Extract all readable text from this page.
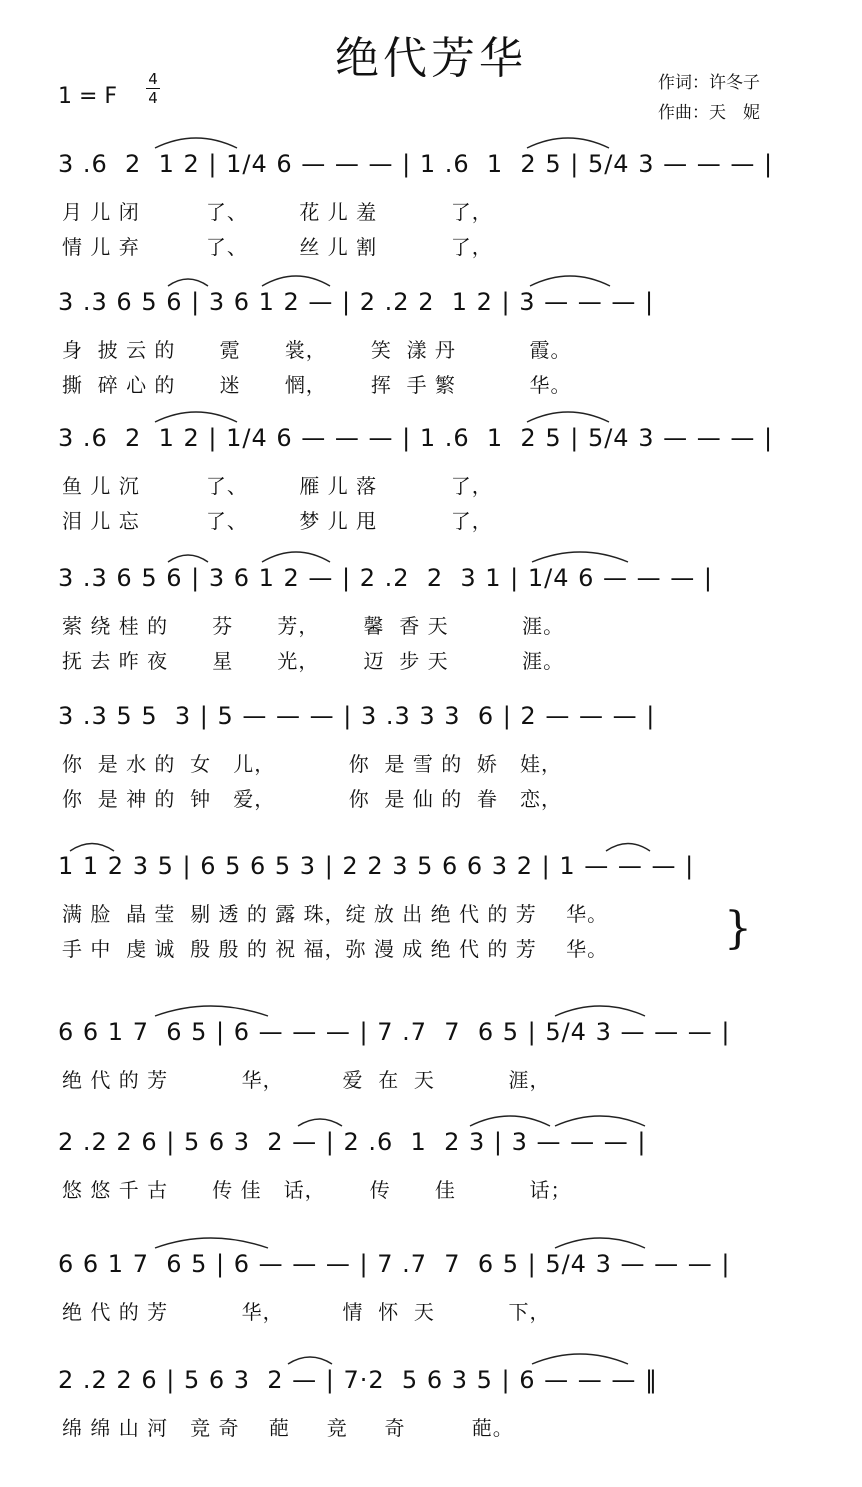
绝代芳华
1 = F
4
4
作词：许冬子
作曲：天　妮
3 .6  2  1 2 | 1/4 6 — — — | 1 .6  1  2 5 | 5/4 3 — — — |
月 儿 闭         了、       花 儿 羞          了，
情 儿 弃         了、       丝 儿 割          了，
3 .3 6 5 6 | 3 6 1 2 — | 2 .2 2  1 2 | 3 — — — |
身  披 云 的      霓      裳，      笑  漾 丹          霞。
撕  碎 心 的      迷      惘，      挥  手 繁          华。
3 .6  2  1 2 | 1/4 6 — — — | 1 .6  1  2 5 | 5/4 3 — — — |
鱼 儿 沉         了、       雁 儿 落          了，
泪 儿 忘         了、       梦 儿 甩          了，
3 .3 6 5 6 | 3 6 1 2 — | 2 .2  2  3 1 | 1/4 6 — — — |
萦 绕 桂 的      芬      芳，      馨  香 天          涯。
抚 去 昨 夜      星      光，      迈  步 天          涯。
3 .3 5 5  3 | 5 — — — | 3 .3 3 3  6 | 2 — — — |
你  是 水 的  女   儿，          你  是 雪 的  娇   娃，
你  是 神 的  钟   爱，          你  是 仙 的  眷   恋，
1 1 2 3 5 | 6 5 6 5 3 | 2 2 3 5 6 6 3 2 | 1 — — — |
满 脸  晶 莹  剔 透 的 露 珠，绽 放 出 绝 代 的 芳    华。
手 中  虔 诚  殷 殷 的 祝 福，弥 漫 成 绝 代 的 芳    华。	}
6 6 1 7  6 5 | 6 — — — | 7 .7  7  6 5 | 5/4 3 — — — |
绝 代 的 芳          华，        爱  在  天          涯，
2 .2 2 6 | 5 6 3  2 — | 2 .6  1  2 3 | 3 — — — |
悠 悠 千 古      传 佳   话，      传      佳          话；
6 6 1 7  6 5 | 6 — — — | 7 .7  7  6 5 | 5/4 3 — — — |
绝 代 的 芳          华，        情  怀  天          下，
2 .2 2 6 | 5 6 3  2 — | 7·2  5 6 3 5 | 6 — — — ‖
绵 绵 山 河   竞 奇    葩     竞     奇         葩。
